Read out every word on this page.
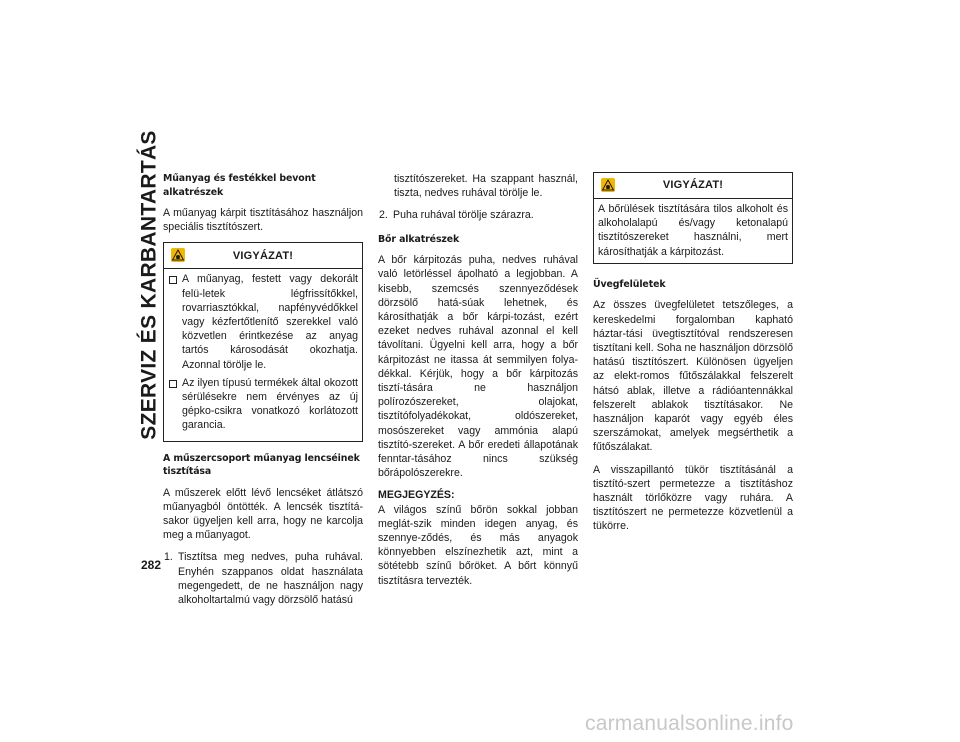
SZERVIZ ÉS KARBANTARTÁS
282
Műanyag és festékkel bevont alkatrészek

A műanyag kárpit tisztításához használjon speciális tisztítószert.

VIGYÁZAT!
A műanyag, festett vagy dekorált felü-letek légfrissítőkkel, rovarriasztókkal, napfényvédőkkel vagy kézfertőtlenítő szerekkel való közvetlen érintkezése az anyag tartós károsodását okozhatja. Azonnal törölje le.
Az ilyen típusú termékek által okozott sérülésekre nem érvényes az új gépko-csikra vonatkozó korlátozott garancia.
A műszercsoport műanyag lencséinek tisztítása

A műszerek előtt lévő lencséket átlátszó műanyagból öntötték. A lencsék tisztítá-sakor ügyeljen kell arra, hogy ne karcolja meg a műanyagot.

1. Tisztítsa meg nedves, puha ruhával. Enyhén szappanos oldat használata megengedett, de ne használjon nagy alkoholtartalmú vagy dörzsölő hatású
tisztítószereket. Ha szappant használ, tiszta, nedves ruhával törölje le.
2. Puha ruhával törölje szárazra.
Bőr alkatrészek

A bőr kárpitozás puha, nedves ruhával való letörléssel ápolható a legjobban. A kisebb, szemcsés szennyeződések dörzsölő hatá-súak lehetnek, és károsíthatják a bőr kárpi-tozást, ezért ezeket nedves ruhával azonnal el kell távolítani. Ügyelni kell arra, hogy a bőr kárpitozást ne itassa át semmilyen folya-dékkal. Kérjük, hogy a bőr kárpitozás tisztí-tására ne használjon polírozószereket, olajokat, tisztítófolyadékokat, oldószereket, mosószereket vagy ammónia alapú tisztító-szereket. A bőr eredeti állapotának fenntar-tásához nincs szükség bőrápolószerekre.

MEGJEGYZÉS:
A világos színű bőrön sokkal jobban meglát-szik minden idegen anyag, és szennye-ződés, és más anyagok könnyebben elszínezhetik azt, mint a sötétebb színű bőröket. A bőrt könnyű tisztításra tervezték.

VIGYÁZAT!

A bőrülések tisztítására tilos alkoholt és alkoholalapú és/vagy ketonalapú tisztítószereket használni, mert károsíthatják a kárpitozást.

Üvegfelületek

Az összes üvegfelületet tetszőleges, a kereskedelmi forgalomban kapható háztar-tási üvegtisztítóval rendszeresen tisztítani kell. Soha ne használjon dörzsölő hatású tisztítószert. Különösen ügyeljen az elekt-romos fűtőszálakkal felszerelt hátsó ablak, illetve a rádióantennákkal felszerelt ablakok tisztításakor. Ne használjon kaparót vagy egyéb éles szerszámokat, amelyek megsérthetik a fűtőszálakat.

A visszapillantó tükör tisztításánál a tisztító-szert permetezze a tisztításhoz használt törlőközre vagy ruhára. A tisztítószert ne permetezze közvetlenül a tükörre.

carmanualsonline.info
